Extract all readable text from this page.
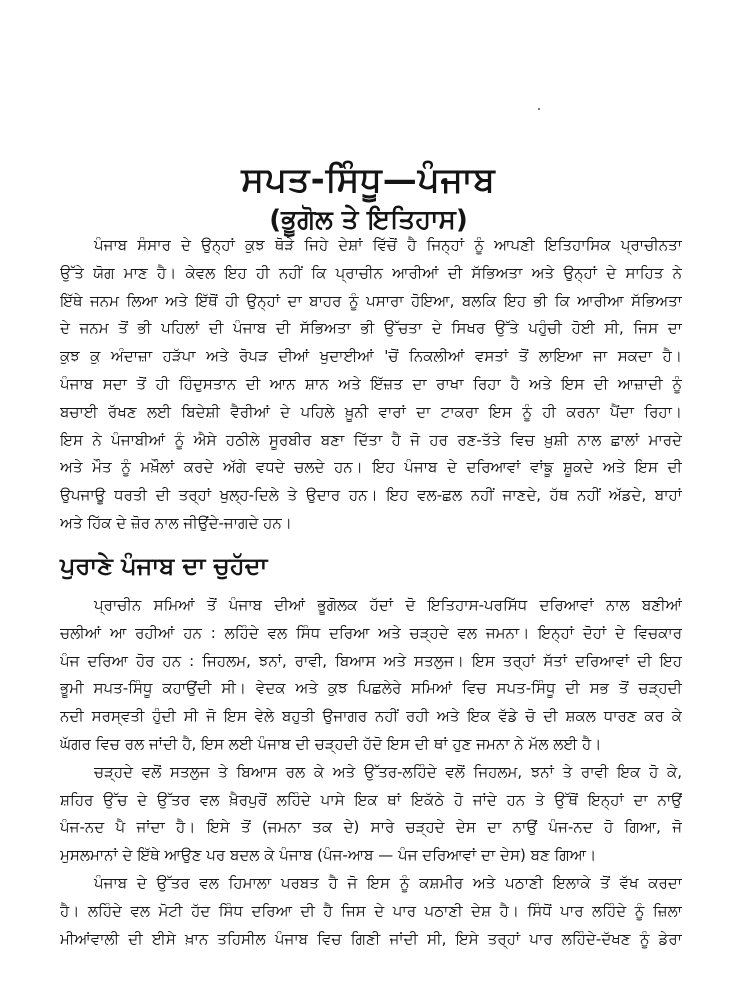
ਸਪਤ-ਸਿੰਧੂ—ਪੰਜਾਬ
(ਭੂਗੋਲ ਤੇ ਇਤਿਹਾਸ)
ਪੰਜਾਬ ਸੰਸਾਰ ਦੇ ਉਨ੍ਹਾਂ ਕੁਝ ਥੋੜੇ ਜਿਹੇ ਦੇਸ਼ਾਂ ਵਿੱਚੋਂ ਹੈ ਜਿਨ੍ਹਾਂ ਨੂੰ ਆਪਣੀ ਇਤਿਹਾਸਿਕ ਪ੍ਰਾਚੀਨਤਾ
ਉੱਤੇ ਯੋਗ ਮਾਣ ਹੈ। ਕੇਵਲ ਇਹ ਹੀ ਨਹੀਂ ਕਿ ਪ੍ਰਾਚੀਨ ਆਰੀਆਂ ਦੀ ਸੱਭਿਅਤਾ ਅਤੇ ਉਨ੍ਹਾਂ ਦੇ ਸਾਹਿਤ ਨੇ
ਇੱਥੇ ਜਨਮ ਲਿਆ ਅਤੇ ਇੱਥੋਂ ਹੀ ਉਨ੍ਹਾਂ ਦਾ ਬਾਹਰ ਨੂੰ ਪਸਾਰਾ ਹੋਇਆ, ਬਲਕਿ ਇਹ ਭੀ ਕਿ ਆਰੀਆ ਸੱਭਿਅਤਾ
ਦੇ ਜਨਮ ਤੋਂ ਭੀ ਪਹਿਲਾਂ ਦੀ ਪੰਜਾਬ ਦੀ ਸੱਭਿਅਤਾ ਭੀ ਉੱਚਤਾ ਦੇ ਸਿਖਰ ਉੱਤੇ ਪਹੁੰਚੀ ਹੋਈ ਸੀ, ਜਿਸ ਦਾ
ਕੁਝ ਕੁ ਅੰਦਾਜ਼ਾ ਹੜੱਪਾ ਅਤੇ ਰੋਪੜ ਦੀਆਂ ਖੁਦਾਈਆਂ 'ਚੋਂ ਨਿਕਲੀਆਂ ਵਸਤਾਂ ਤੋਂ ਲਾਇਆ ਜਾ ਸਕਦਾ ਹੈ।
ਪੰਜਾਬ ਸਦਾ ਤੋਂ ਹੀ ਹਿੰਦੁਸਤਾਨ ਦੀ ਆਨ ਸ਼ਾਨ ਅਤੇ ਇੱਜ਼ਤ ਦਾ ਰਾਖਾ ਰਿਹਾ ਹੈ ਅਤੇ ਇਸ ਦੀ ਆਜ਼ਾਦੀ ਨੂੰ
ਬਚਾਈ ਰੱਖਣ ਲਈ ਬਿਦੇਸ਼ੀ ਵੈਰੀਆਂ ਦੇ ਪਹਿਲੇ ਖ਼ੂਨੀ ਵਾਰਾਂ ਦਾ ਟਾਕਰਾ ਇਸ ਨੂੰ ਹੀ ਕਰਨਾ ਪੈਂਦਾ ਰਿਹਾ।
ਇਸ ਨੇ ਪੰਜਾਬੀਆਂ ਨੂੰ ਐਸੇ ਹਠੀਲੇ ਸੂਰਬੀਰ ਬਣਾ ਦਿੱਤਾ ਹੈ ਜੋ ਹਰ ਰਣ-ਤੱਤੇ ਵਿਚ ਖ਼ੁਸ਼ੀ ਨਾਲ ਛਾਲਾਂ ਮਾਰਦੇ
ਅਤੇ ਮੌਤ ਨੂੰ ਮਖ਼ੌਲਾਂ ਕਰਦੇ ਅੱਗੇ ਵਧਦੇ ਚਲਦੇ ਹਨ। ਇਹ ਪੰਜਾਬ ਦੇ ਦਰਿਆਵਾਂ ਵਾਂਙੂ ਸ਼ੂਕਦੇ ਅਤੇ ਇਸ ਦੀ
ਉਪਜਾਊ ਧਰਤੀ ਦੀ ਤਰ੍ਹਾਂ ਖੁਲ੍ਹ-ਦਿਲੇ ਤੇ ਉਦਾਰ ਹਨ। ਇਹ ਵਲ-ਛਲ ਨਹੀਂ ਜਾਣਦੇ, ਹੱਥ ਨਹੀਂ ਅੱਡਦੇ, ਬਾਹਾਂ
ਅਤੇ ਹਿੱਕ ਦੇ ਜ਼ੋਰ ਨਾਲ ਜੀਉਂਦੇ-ਜਾਗਦੇ ਹਨ।
ਪੁਰਾਣੇ ਪੰਜਾਬ ਦਾ ਚੁਹੱਦਾ
ਪ੍ਰਾਚੀਨ ਸਮਿਆਂ ਤੋਂ ਪੰਜਾਬ ਦੀਆਂ ਭੂਗੋਲਕ ਹੱਦਾਂ ਦੋ ਇਤਿਹਾਸ-ਪਰਸਿੱਧ ਦਰਿਆਵਾਂ ਨਾਲ ਬਣੀਆਂ
ਚਲੀਆਂ ਆ ਰਹੀਆਂ ਹਨ : ਲਹਿੰਦੇ ਵਲ ਸਿੰਧ ਦਰਿਆ ਅਤੇ ਚੜ੍ਹਦੇ ਵਲ ਜਮਨਾ। ਇਨ੍ਹਾਂ ਦੋਹਾਂ ਦੇ ਵਿਚਕਾਰ
ਪੰਜ ਦਰਿਆ ਹੋਰ ਹਨ : ਜਿਹਲਮ, ਝਨਾਂ, ਰਾਵੀ, ਬਿਆਸ ਅਤੇ ਸਤਲੁਜ। ਇਸ ਤਰ੍ਹਾਂ ਸੱਤਾਂ ਦਰਿਆਵਾਂ ਦੀ ਇਹ
ਭੂਮੀ ਸਪਤ-ਸਿੰਧੂ ਕਹਾਉਂਦੀ ਸੀ। ਵੇਦਕ ਅਤੇ ਕੁਝ ਪਿਛਲੇਰੇ ਸਮਿਆਂ ਵਿਚ ਸਪਤ-ਸਿੰਧੂ ਦੀ ਸਭ ਤੋਂ ਚੜ੍ਹਦੀ
ਨਦੀ ਸਰਸ੍ਵਤੀ ਹੁੰਦੀ ਸੀ ਜੋ ਇਸ ਵੇਲੇ ਬਹੁਤੀ ਉਜਾਗਰ ਨਹੀਂ ਰਹੀ ਅਤੇ ਇਕ ਵੱਡੇ ਚੋ ਦੀ ਸ਼ਕਲ ਧਾਰਣ ਕਰ ਕੇ
ਘੱਗਰ ਵਿਚ ਰਲ ਜਾਂਦੀ ਹੈ, ਇਸ ਲਈ ਪੰਜਾਬ ਦੀ ਚੜ੍ਹਦੀ ਹੱਦੋ ਇਸ ਦੀ ਥਾਂ ਹੁਣ ਜਮਨਾ ਨੇ ਮੱਲ ਲਈ ਹੈ।
ਚੜ੍ਹਦੇ ਵਲੋਂ ਸਤਲੁਜ ਤੇ ਬਿਆਸ ਰਲ ਕੇ ਅਤੇ ਉੱਤਰ-ਲਹਿੰਦੇ ਵਲੋਂ ਜਿਹਲਮ, ਝਨਾਂ ਤੇ ਰਾਵੀ ਇਕ ਹੋ ਕੇ,
ਸ਼ਹਿਰ ਉੱਚ ਦੇ ਉੱਤਰ ਵਲ ਖ਼ੈਰਪੁਰੋਂ ਲਹਿੰਦੇ ਪਾਸੇ ਇਕ ਥਾਂ ਇਕੱਠੇ ਹੋ ਜਾਂਦੇ ਹਨ ਤੇ ਉੱਥੋਂ ਇਨ੍ਹਾਂ ਦਾ ਨਾਉਂ
ਪੰਜ-ਨਦ ਪੈ ਜਾਂਦਾ ਹੈ। ਇਸੇ ਤੋਂ (ਜਮਨਾ ਤਕ ਦੇ) ਸਾਰੇ ਚੜ੍ਹਦੇ ਦੇਸ ਦਾ ਨਾਉਂ ਪੰਜ-ਨਦ ਹੋ ਗਿਆ, ਜੋ
ਮੁਸਲਮਾਨਾਂ ਦੇ ਇੱਥੇ ਆਉਣ ਪਰ ਬਦਲ ਕੇ ਪੰਜਾਬ (ਪੰਜ-ਆਬ — ਪੰਜ ਦਰਿਆਵਾਂ ਦਾ ਦੇਸ) ਬਣ ਗਿਆ।
ਪੰਜਾਬ ਦੇ ਉੱਤਰ ਵਲ ਹਿਮਾਲਾ ਪਰਬਤ ਹੈ ਜੋ ਇਸ ਨੂੰ ਕਸ਼ਮੀਰ ਅਤੇ ਪਠਾਣੀ ਇਲਾਕੇ ਤੋਂ ਵੱਖ ਕਰਦਾ
ਹੈ। ਲਹਿੰਦੇ ਵਲ ਮੋਟੀ ਹੱਦ ਸਿੰਧ ਦਰਿਆ ਦੀ ਹੈ ਜਿਸ ਦੇ ਪਾਰ ਪਠਾਣੀ ਦੇਸ਼ ਹੈ। ਸਿੰਧੋਂ ਪਾਰ ਲਹਿੰਦੇ ਨੂੰ ਜ਼ਿਲਾ
ਮੀਆਂਵਾਲੀ ਦੀ ਈਸੇ ਖ਼ਾਨ ਤਹਿਸੀਲ ਪੰਜਾਬ ਵਿਚ ਗਿਣੀ ਜਾਂਦੀ ਸੀ, ਇਸੇ ਤਰ੍ਹਾਂ ਪਾਰ ਲਹਿੰਦੇ-ਦੱਖਣ ਨੂੰ ਡੇਰਾ
